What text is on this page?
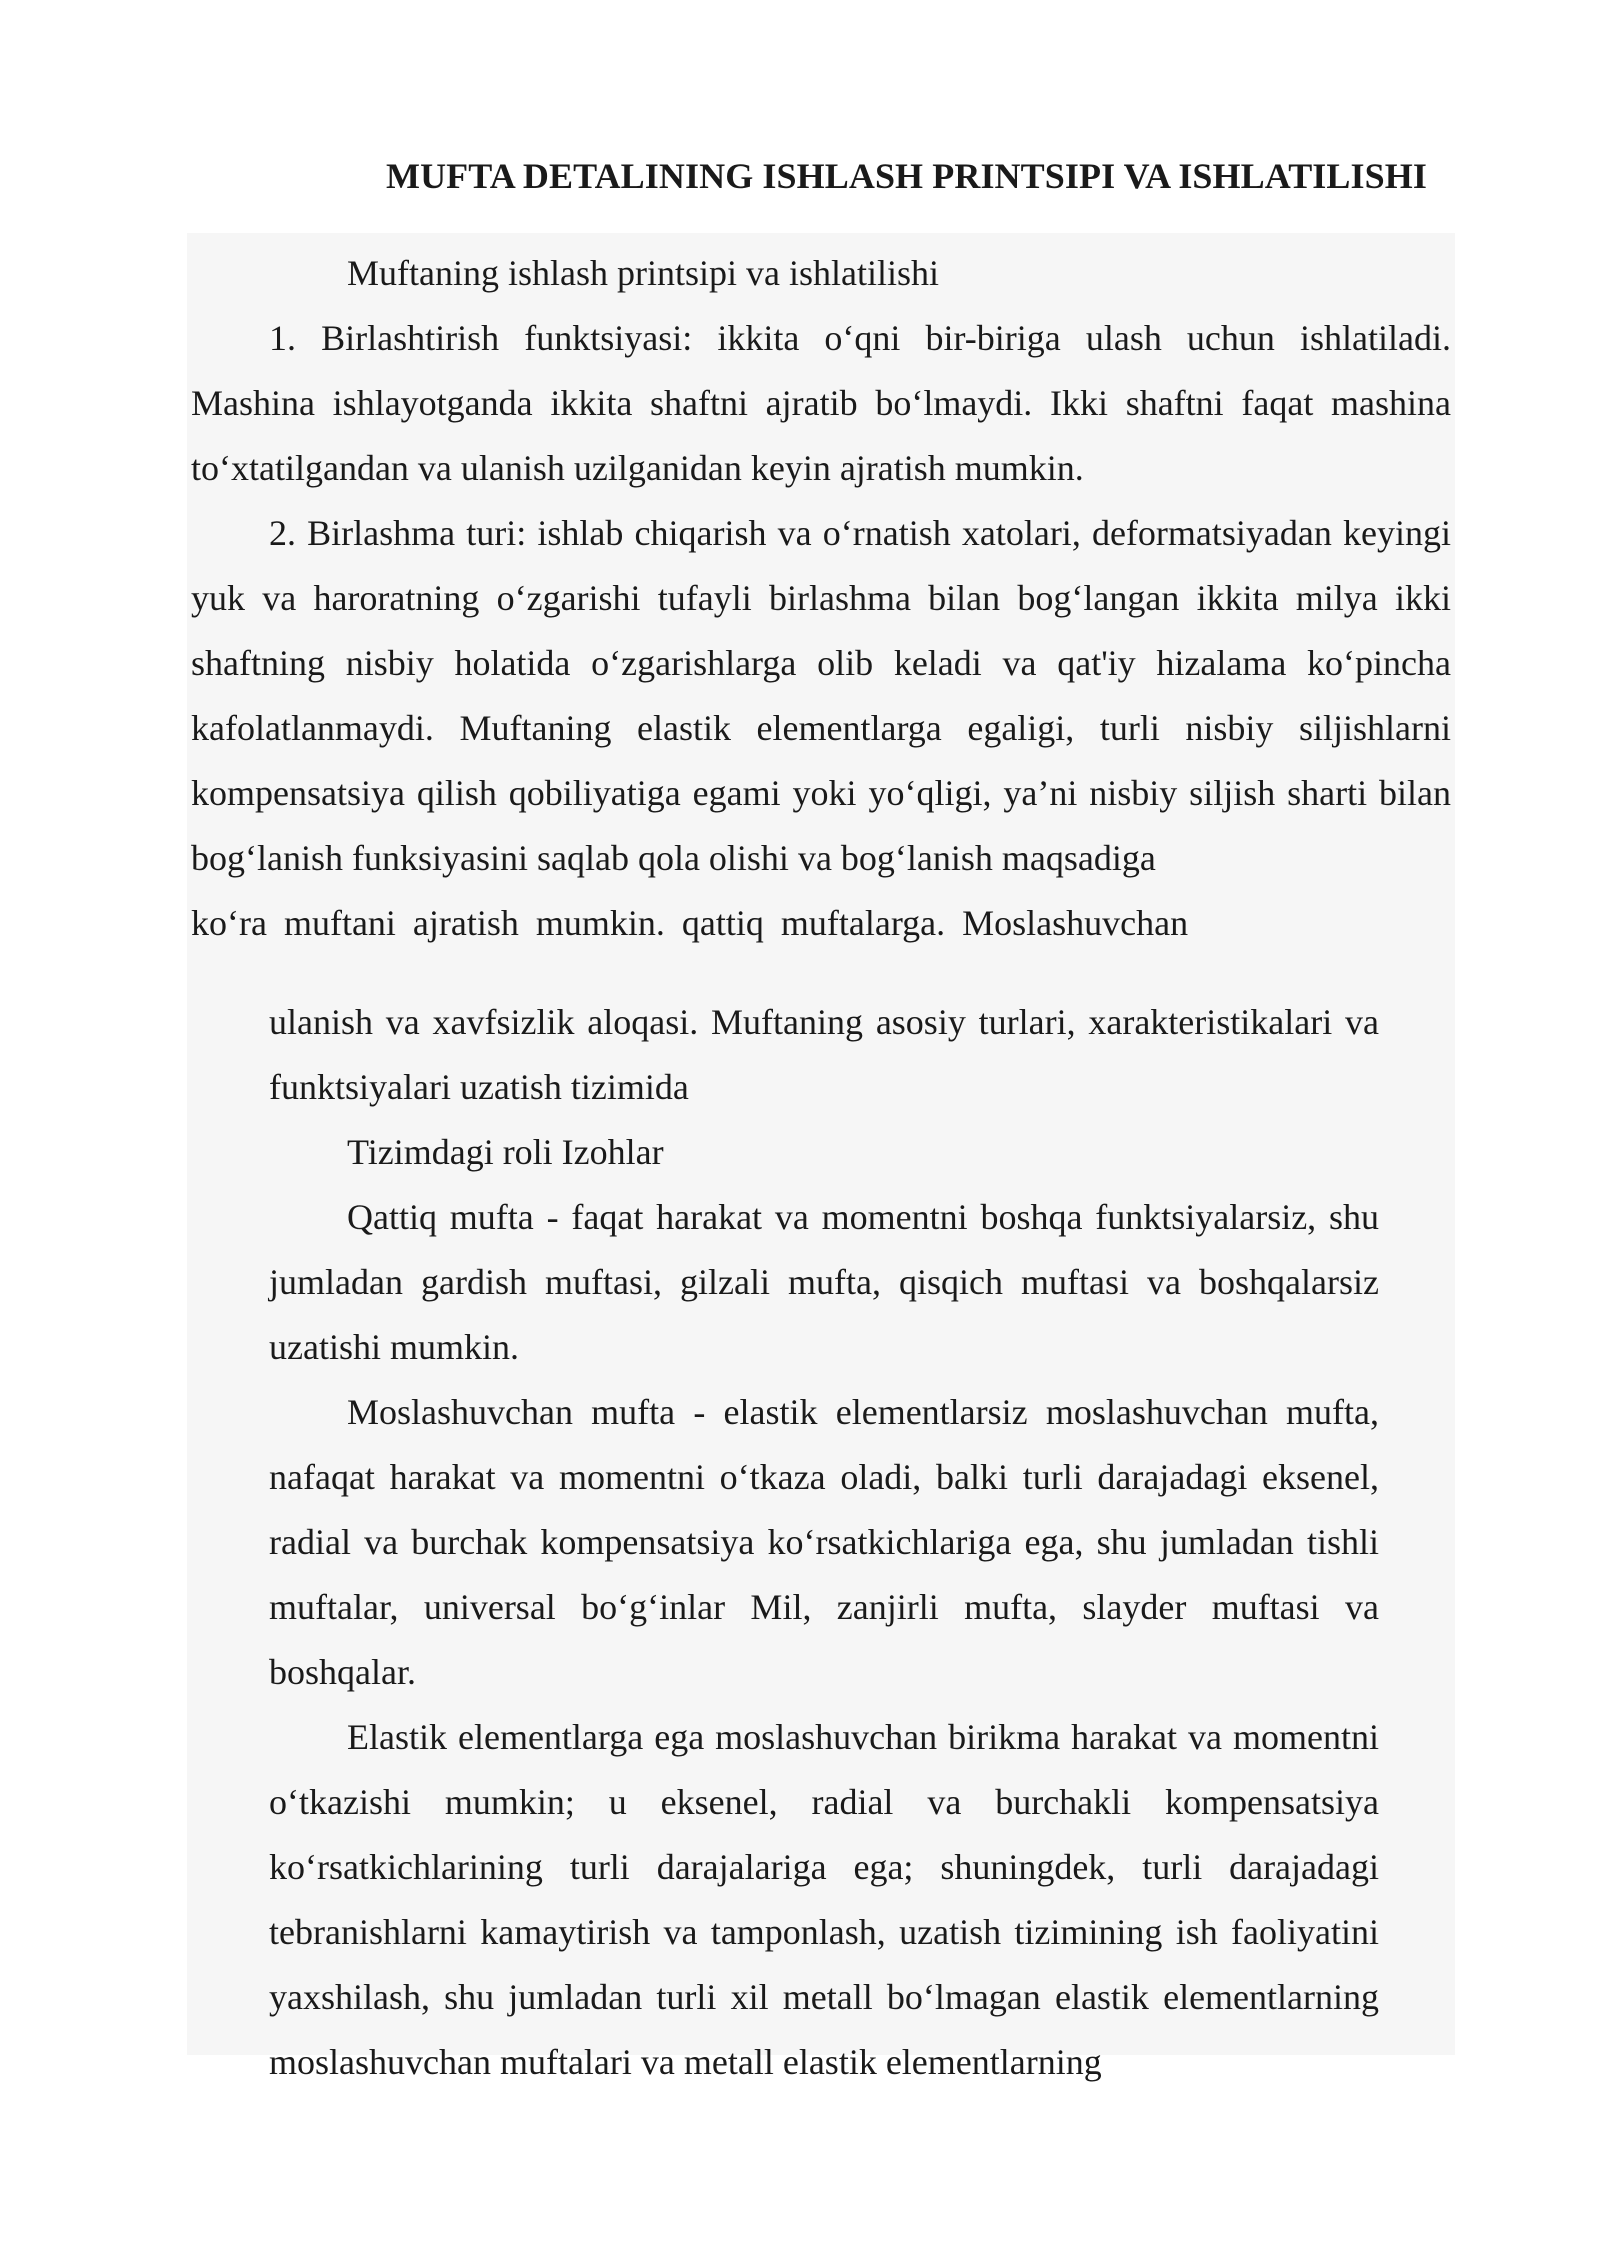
MUFTA DETALINING ISHLASH PRINTSIPI VA ISHLATILISHI

Muftaning ishlash printsipi va ishlatilishi

1. Birlashtirish funktsiyasi: ikkita o‘qni bir-biriga ulash uchun ishlatiladi. Mashina ishlayotganda ikkita shaftni ajratib bo‘lmaydi. Ikki shaftni faqat mashina to‘xtatilgandan va ulanish uzilganidan keyin ajratish mumkin.

2. Birlashma turi: ishlab chiqarish va o‘rnatish xatolari, deformatsiyadan keyingi yuk va haroratning o‘zgarishi tufayli birlashma bilan bog‘langan ikkita milya ikki shaftning nisbiy holatida o‘zgarishlarga olib keladi va qat'iy hizalama ko‘pincha kafolatlanmaydi. Muftaning elastik elementlarga egaligi, turli nisbiy siljishlarni kompensatsiya qilish qobiliyatiga egami yoki yo‘qligi, ya’ni nisbiy siljish sharti bilan bog‘lanish funksiyasini saqlab qola olishi va bog‘lanish maqsadiga

ko‘ra muftani ajratish mumkin. qattiq muftalarga. Moslashuvchan

ulanish va xavfsizlik aloqasi. Muftaning asosiy turlari, xarakteristikalari va funktsiyalari uzatish tizimida

Tizimdagi roli Izohlar

Qattiq mufta - faqat harakat va momentni boshqa funktsiyalarsiz, shu jumladan gardish muftasi, gilzali mufta, qisqich muftasi va boshqalarsiz uzatishi mumkin.

Moslashuvchan mufta - elastik elementlarsiz moslashuvchan mufta, nafaqat harakat va momentni o‘tkaza oladi, balki turli darajadagi eksenel, radial va burchak kompensatsiya ko‘rsatkichlariga ega, shu jumladan tishli muftalar, universal bo‘g‘inlar Mil, zanjirli mufta, slayder muftasi va boshqalar.

Elastik elementlarga ega moslashuvchan birikma harakat va momentni o‘tkazishi mumkin; u eksenel, radial va burchakli kompensatsiya ko‘rsatkichlarining turli darajalariga ega; shuningdek, turli darajadagi tebranishlarni kamaytirish va tamponlash, uzatish tizimining ish faoliyatini yaxshilash, shu jumladan turli xil metall bo‘lmagan elastik elementlarning moslashuvchan muftalari va metall elastik elementlarning
